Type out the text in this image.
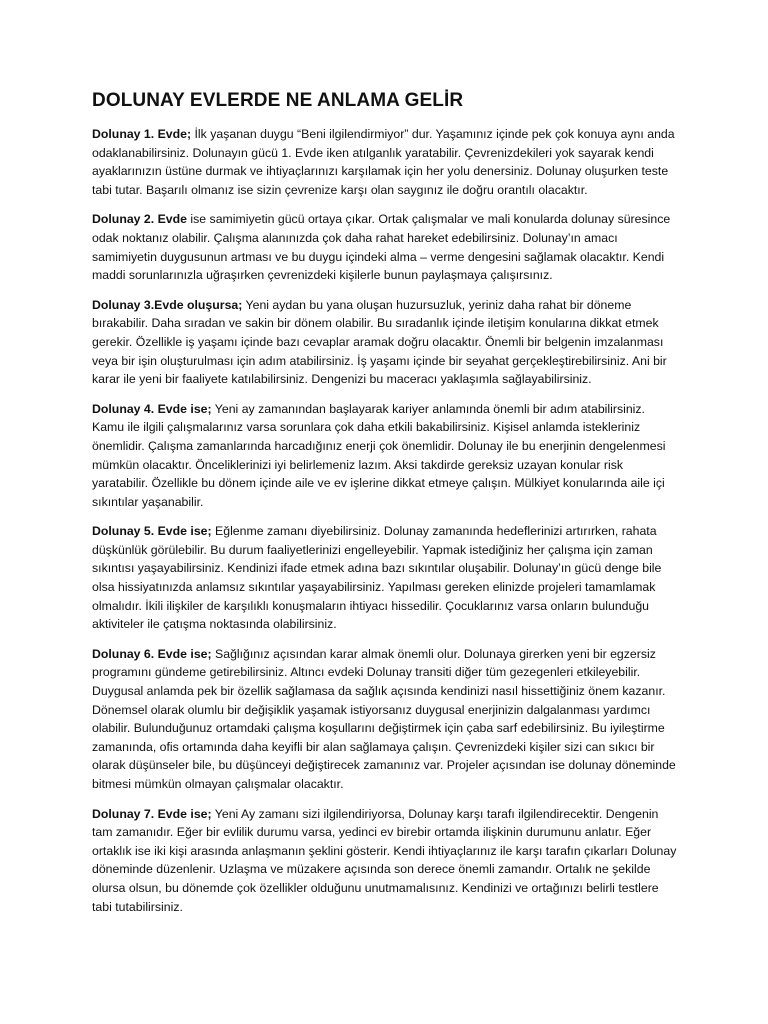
DOLUNAY EVLERDE NE ANLAMA GELİR

Dolunay 1. Evde; İlk yaşanan duygu “Beni ilgilendirmiyor” dur. Yaşamınız içinde pek çok konuya aynı anda odaklanabilirsiniz. Dolunayın gücü 1. Evde iken atılganlık yaratabilir. Çevrenizdekileri yok sayarak kendi ayaklarınızın üstüne durmak ve ihtiyaçlarınızı karşılamak için her yolu denersiniz. Dolunay oluşurken teste tabi tutar. Başarılı olmanız ise sizin çevrenize karşı olan saygınız ile doğru orantılı olacaktır.

Dolunay 2. Evde ise samimiyetin gücü ortaya çıkar. Ortak çalışmalar ve mali konularda dolunay süresince odak noktanız olabilir. Çalışma alanınızda çok daha rahat hareket edebilirsiniz. Dolunay’ın amacı samimiyetin duygusunun artması ve bu duygu içindeki alma – verme dengesini sağlamak olacaktır. Kendi maddi sorunlarınızla uğraşırken çevrenizdeki kişilerle bunun paylaşmaya çalışırsınız.

Dolunay 3.Evde oluşursa; Yeni aydan bu yana oluşan huzursuzluk, yeriniz daha rahat bir döneme bırakabilir. Daha sıradan ve sakin bir dönem olabilir. Bu sıradanlık içinde iletişim konularına dikkat etmek gerekir. Özellikle iş yaşamı içinde bazı cevaplar aramak doğru olacaktır. Önemli bir belgenin imzalanması veya bir işin oluşturulması için adım atabilirsiniz. İş yaşamı içinde bir seyahat gerçekleştirebilirsiniz. Ani bir karar ile yeni bir faaliyete katılabilirsiniz. Dengenizi bu maceracı yaklaşımla sağlayabilirsiniz.

Dolunay 4. Evde ise; Yeni ay zamanından başlayarak kariyer anlamında önemli bir adım atabilirsiniz. Kamu ile ilgili çalışmalarınız varsa sorunlara çok daha etkili bakabilirsiniz. Kişisel anlamda istekleriniz önemlidir. Çalışma zamanlarında harcadığınız enerji çok önemlidir. Dolunay ile bu enerjinin dengelenmesi mümkün olacaktır. Önceliklerinizi iyi belirlemeniz lazım. Aksi takdirde gereksiz uzayan konular risk yaratabilir. Özellikle bu dönem içinde aile ve ev işlerine dikkat etmeye çalışın. Mülkiyet konularında aile içi sıkıntılar yaşanabilir.

Dolunay 5. Evde ise; Eğlenme zamanı diyebilirsiniz. Dolunay zamanında hedeflerinizi artırırken, rahata düşkünlük görülebilir. Bu durum faaliyetlerinizi engelleyebilir. Yapmak istediğiniz her çalışma için zaman sıkıntısı yaşayabilirsiniz. Kendinizi ifade etmek adına bazı sıkıntılar oluşabilir. Dolunay’ın gücü denge bile olsa hissiyatınızda anlamsız sıkıntılar yaşayabilirsiniz. Yapılması gereken elinizde projeleri tamamlamak olmalıdır. İkili ilişkiler de karşılıklı konuşmaların ihtiyacı hissedilir. Çocuklarınız varsa onların bulunduğu aktiviteler ile çatışma noktasında olabilirsiniz.

Dolunay 6. Evde ise; Sağlığınız açısından karar almak önemli olur. Dolunaya girerken yeni bir egzersiz programını gündeme getirebilirsiniz. Altıncı evdeki Dolunay transiti diğer tüm gezegenleri etkileyebilir. Duygusal anlamda pek bir özellik sağlamasa da sağlık açısında kendinizi nasıl hissettiğiniz önem kazanır. Dönemsel olarak olumlu bir değişiklik yaşamak istiyorsanız duygusal enerjinizin dalgalanması yardımcı olabilir. Bulunduğunuz ortamdaki çalışma koşullarını değiştirmek için çaba sarf edebilirsiniz. Bu iyileştirme zamanında, ofis ortamında daha keyifli bir alan sağlamaya çalışın. Çevrenizdeki kişiler sizi can sıkıcı bir olarak düşünseler bile, bu düşünceyi değiştirecek zamanınız var. Projeler açısından ise dolunay döneminde bitmesi mümkün olmayan çalışmalar olacaktır.

Dolunay 7. Evde ise; Yeni Ay zamanı sizi ilgilendiriyorsa, Dolunay karşı tarafı ilgilendirecektir. Dengenin tam zamanıdır. Eğer bir evlilik durumu varsa, yedinci ev birebir ortamda ilişkinin durumunu anlatır. Eğer ortaklık ise iki kişi arasında anlaşmanın şeklini gösterir. Kendi ihtiyaçlarınız ile karşı tarafın çıkarları Dolunay döneminde düzenlenir. Uzlaşma ve müzakere açısında son derece önemli zamandır. Ortalık ne şekilde olursa olsun, bu dönemde çok özellikler olduğunu unutmamalısınız. Kendinizi ve ortağınızı belirli testlere tabi tutabilirsiniz.
